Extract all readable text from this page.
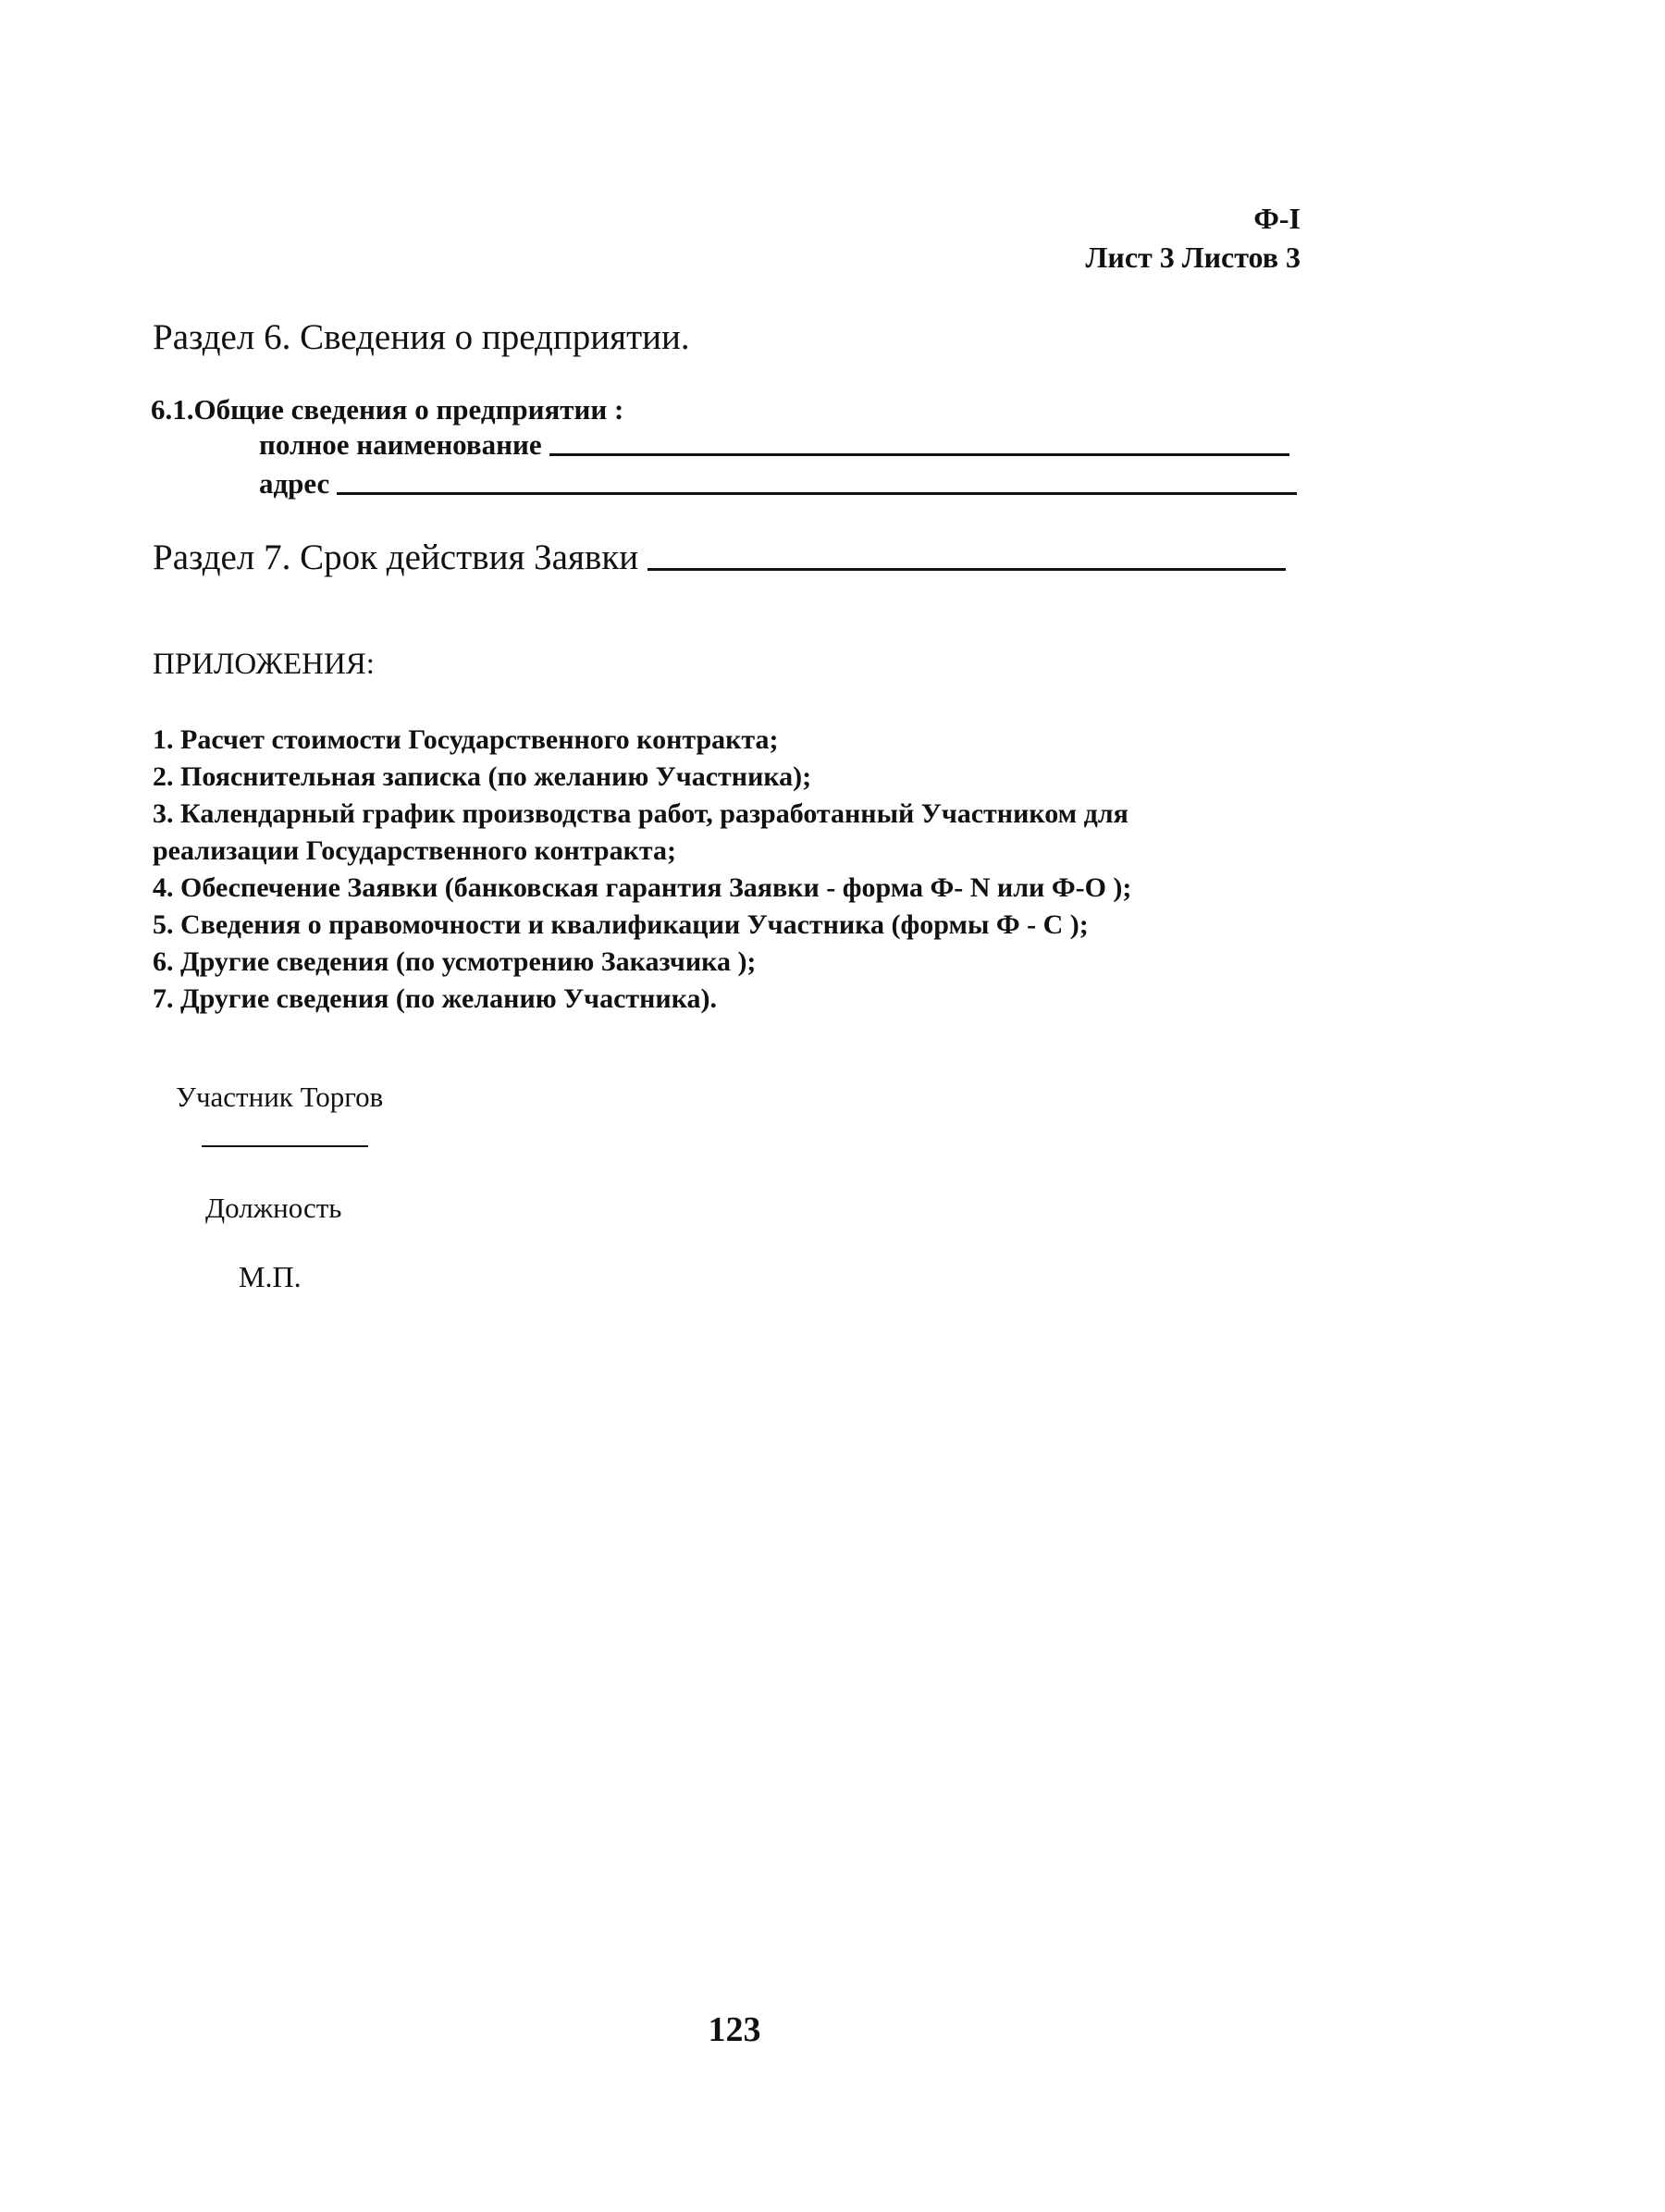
Ф-I
Лист 3 Листов 3
Раздел 6. Сведения о предприятии.
6.1.Общие сведения о предприятии :
полное наименование
адрес
Раздел 7. Срок действия Заявки
ПРИЛОЖЕНИЯ:
1. Расчет стоимости Государственного контракта;
2. Пояснительная записка (по желанию Участника);
3. Календарный график производства работ, разработанный Участником для
реализации Государственного контракта;
4. Обеспечение Заявки (банковская гарантия Заявки - форма Ф- N или Ф-О );
5. Сведения о правомочности и квалификации Участника (формы Ф - С );
6. Другие сведения (по усмотрению Заказчика );
7. Другие сведения (по желанию Участника).
Участник Торгов
Должность
М.П.
123
